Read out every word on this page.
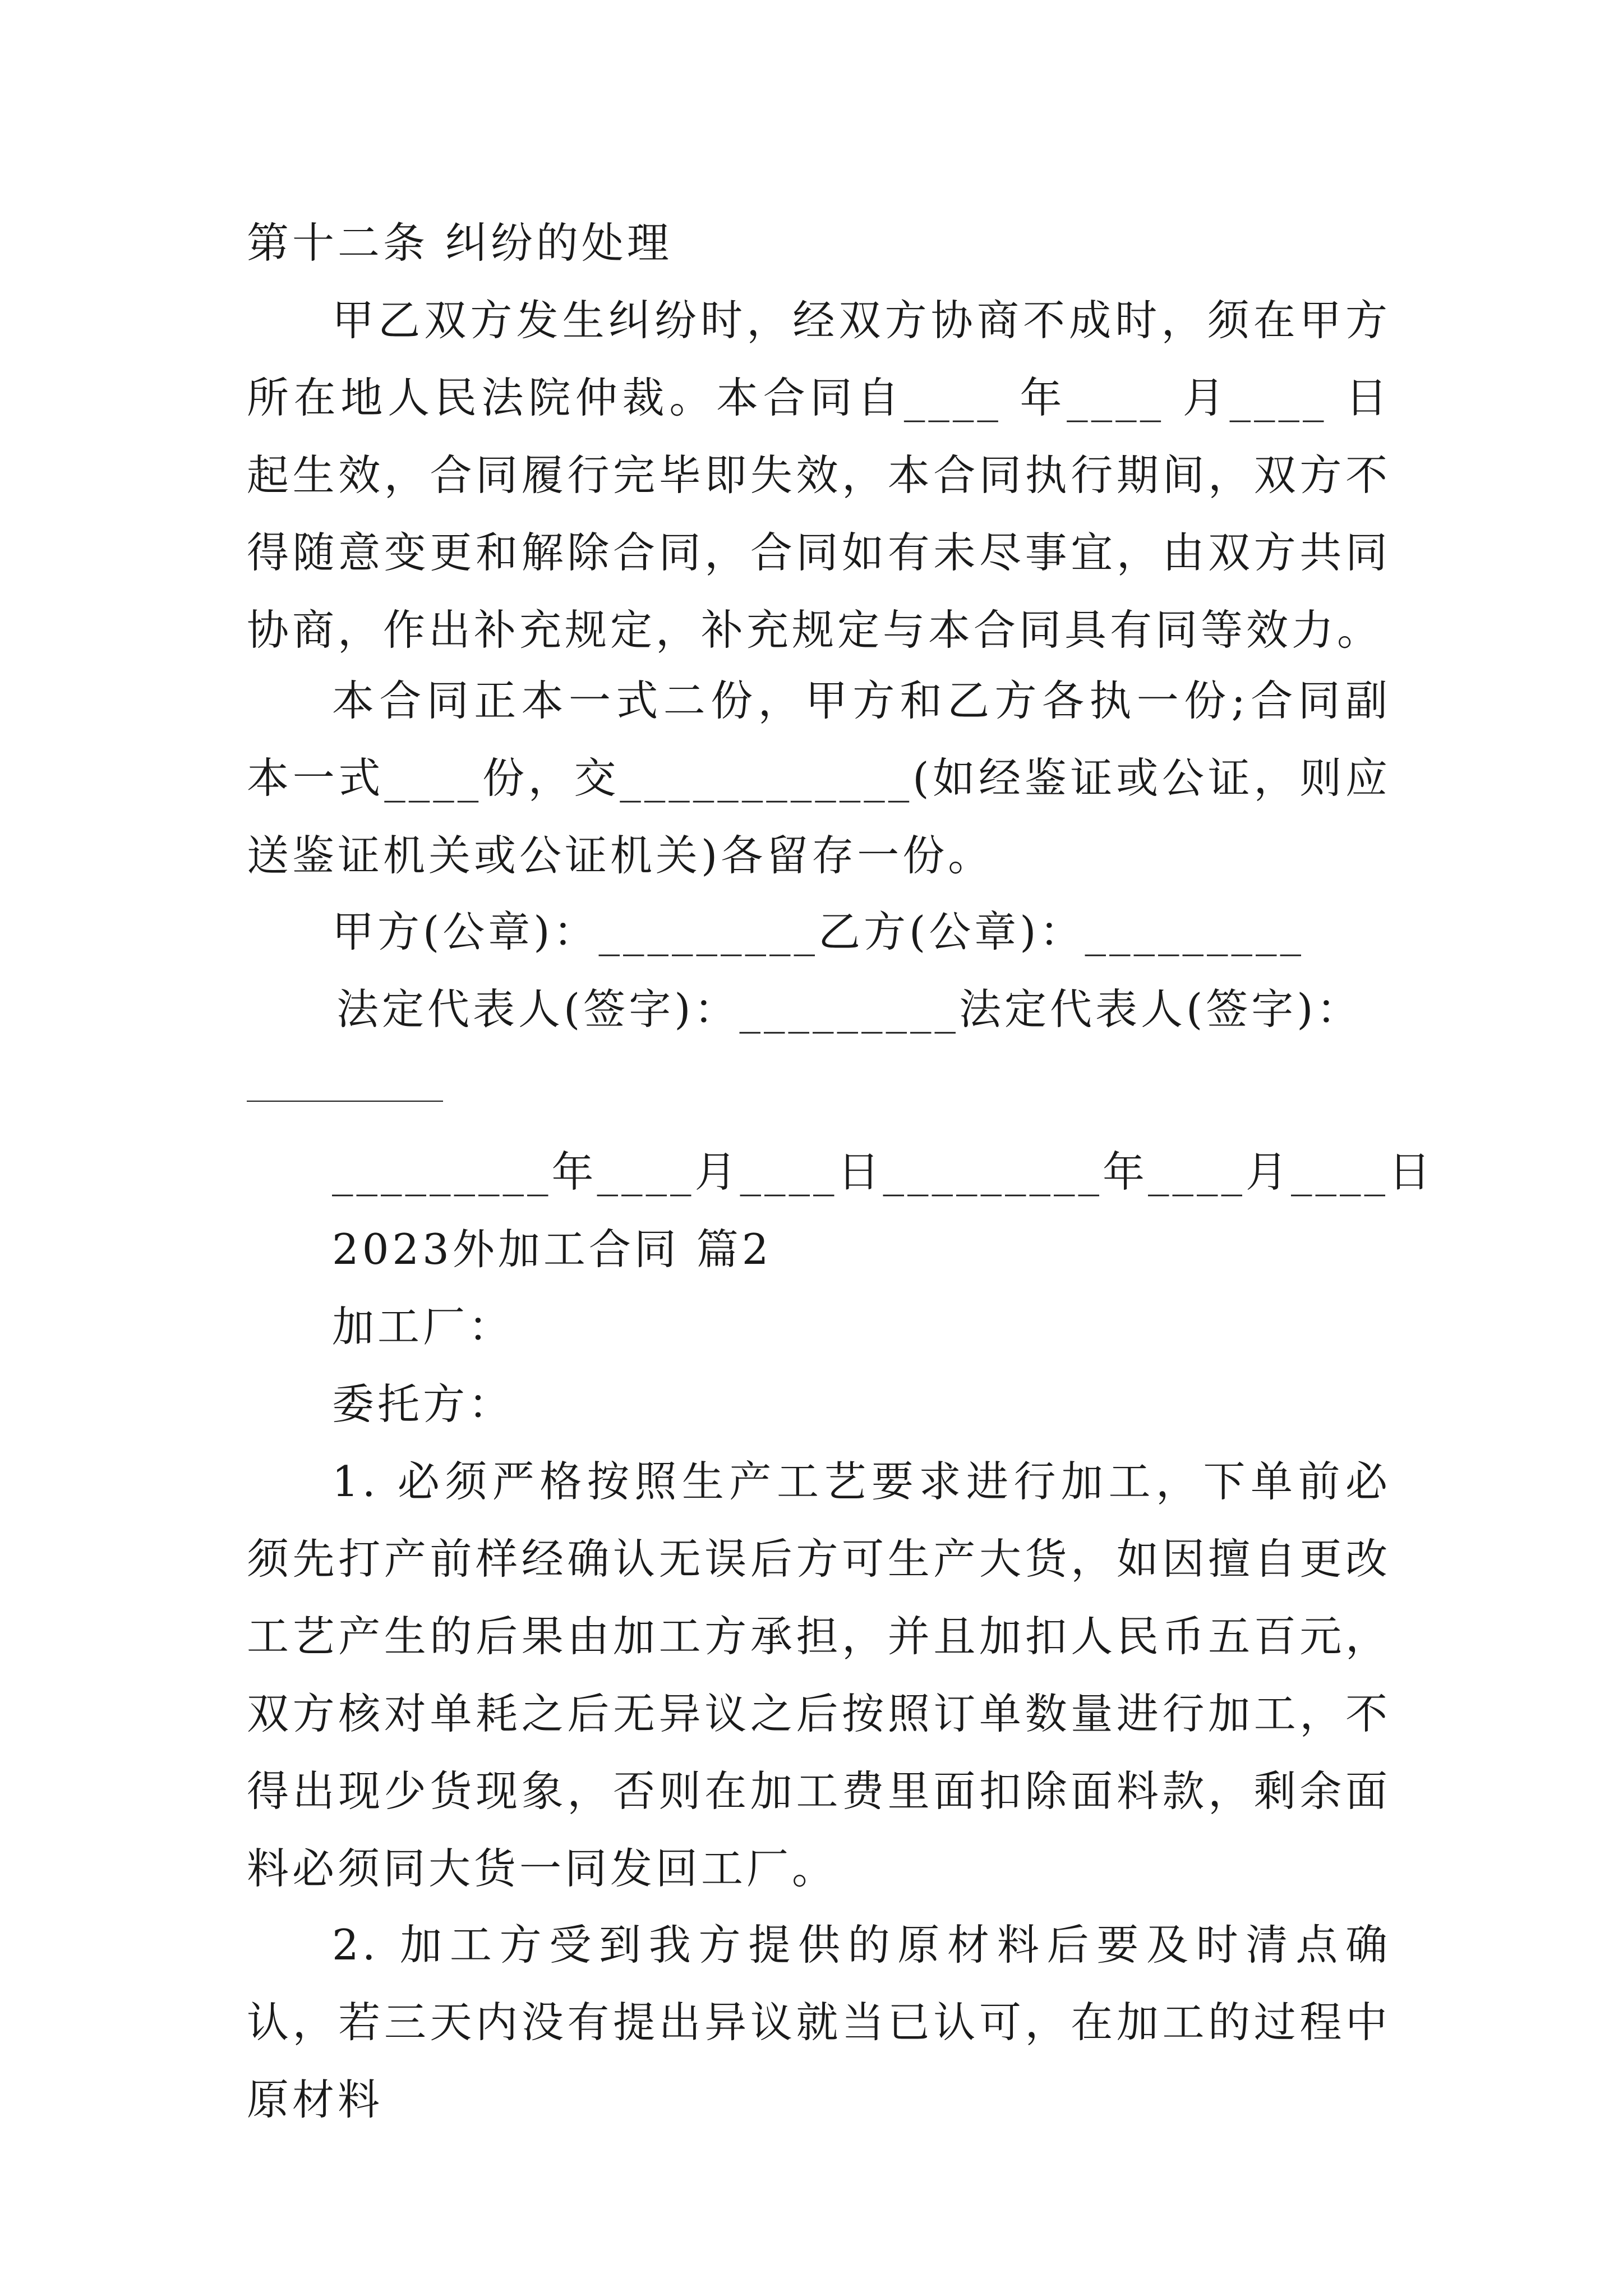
第十二条 纠纷的处理
甲乙双方发生纠纷时，经双方协商不成时，须在甲方所在地人民法院仲裁。本合同自____ 年____ 月____ 日起生效，合同履行完毕即失效，本合同执行期间，双方不得随意变更和解除合同，合同如有未尽事宜，由双方共同协商，作出补充规定，补充规定与本合同具有同等效力。
本合同正本一式二份，甲方和乙方各执一份;合同副本一式____份，交____________(如经鉴证或公证，则应送鉴证机关或公证机关)各留存一份。
甲方(公章)：_________乙方(公章)：_________
法定代表人(签字)：_________法定代表人(签字)：
_________年____月____日_________年____月____日
2023外加工合同 篇2
加工厂：
委托方：
1. 必须严格按照生产工艺要求进行加工，下单前必须先打产前样经确认无误后方可生产大货，如因擅自更改工艺产生的后果由加工方承担，并且加扣人民币五百元，双方核对单耗之后无异议之后按照订单数量进行加工，不得出现少货现象，否则在加工费里面扣除面料款，剩余面料必须同大货一同发回工厂。
2. 加工方受到我方提供的原材料后要及时清点确认，若三天内没有提出异议就当已认可，在加工的过程中原材料
